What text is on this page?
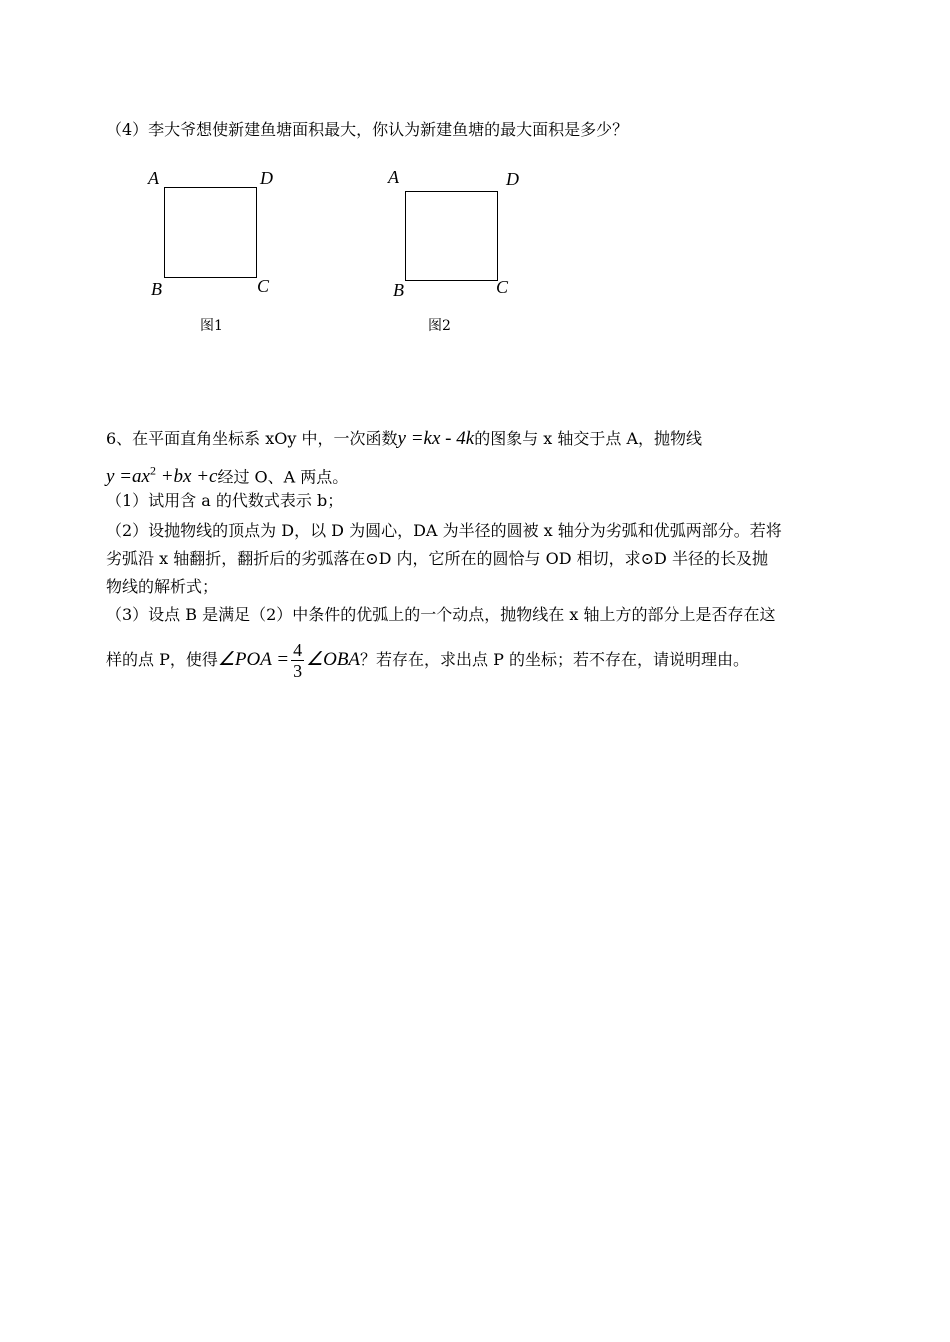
（4）李大爷想使新建鱼塘面积最大，你认为新建鱼塘的最大面积是多少？
A	D
B	C
图1
A	D
B	C
图2
6、在平面直角坐标系 xOy 中，一次函数y =kx - 4k的图象与 x 轴交于点 A，抛物线
$y =ax^2 +bx +c$经过 O、A 两点。
（1）试用含 a 的代数式表示 b；
（2）设抛物线的顶点为 D，以 D 为圆心，DA 为半径的圆被 x 轴分为劣弧和优弧两部分。若将
劣弧沿 x 轴翻折，翻折后的劣弧落在⊙D 内，它所在的圆恰与 OD 相切，求⊙D 半径的长及抛
物线的解析式；
（3）设点 B 是满足（2）中条件的优弧上的一个动点，抛物线在 x 轴上方的部分上是否存在这
样的点 P，使得∠POA = $\frac{4}{3}$ ∠OBA？若存在，求出点 P 的坐标；若不存在，请说明理由。
